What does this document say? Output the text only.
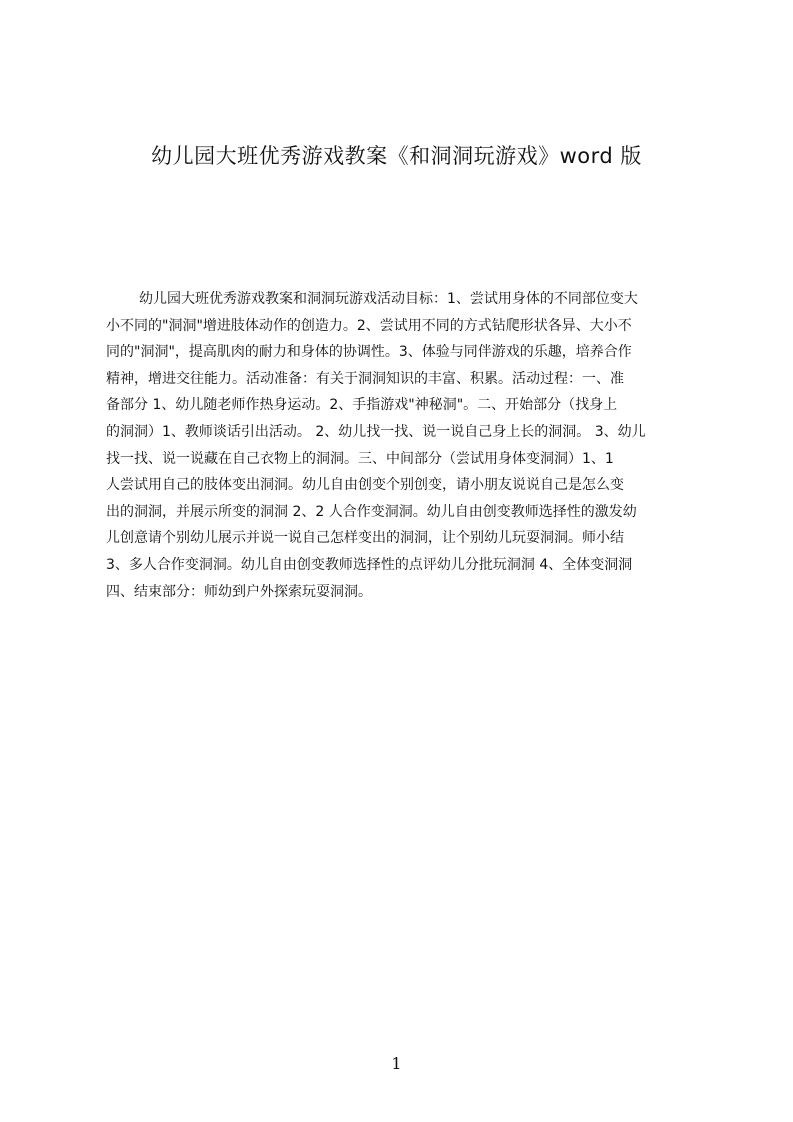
幼儿园大班优秀游戏教案《和洞洞玩游戏》word 版
幼儿园大班优秀游戏教案和洞洞玩游戏活动目标：1、尝试用身体的不同部位变大
小不同的"洞洞"增进肢体动作的创造力。2、尝试用不同的方式钻爬形状各异、大小不
同的"洞洞"，提高肌肉的耐力和身体的协调性。3、体验与同伴游戏的乐趣，培养合作
精神，增进交往能力。活动准备：有关于洞洞知识的丰富、积累。活动过程：一、准
备部分 1、幼儿随老师作热身运动。2、手指游戏"神秘洞"。二、开始部分（找身上
的洞洞）1、教师谈话引出活动。 2、幼儿找一找、说一说自己身上长的洞洞。 3、幼儿
找一找、说一说藏在自己衣物上的洞洞。三、中间部分（尝试用身体变洞洞）1、1
人尝试用自己的肢体变出洞洞。幼儿自由创变个别创变，请小朋友说说自己是怎么变
出的洞洞，并展示所变的洞洞 2、2 人合作变洞洞。幼儿自由创变教师选择性的激发幼
儿创意请个别幼儿展示并说一说自己怎样变出的洞洞，让个别幼儿玩耍洞洞。师小结
3、多人合作变洞洞。幼儿自由创变教师选择性的点评幼儿分批玩洞洞 4、全体变洞洞
四、结束部分：师幼到户外探索玩耍洞洞。
1
